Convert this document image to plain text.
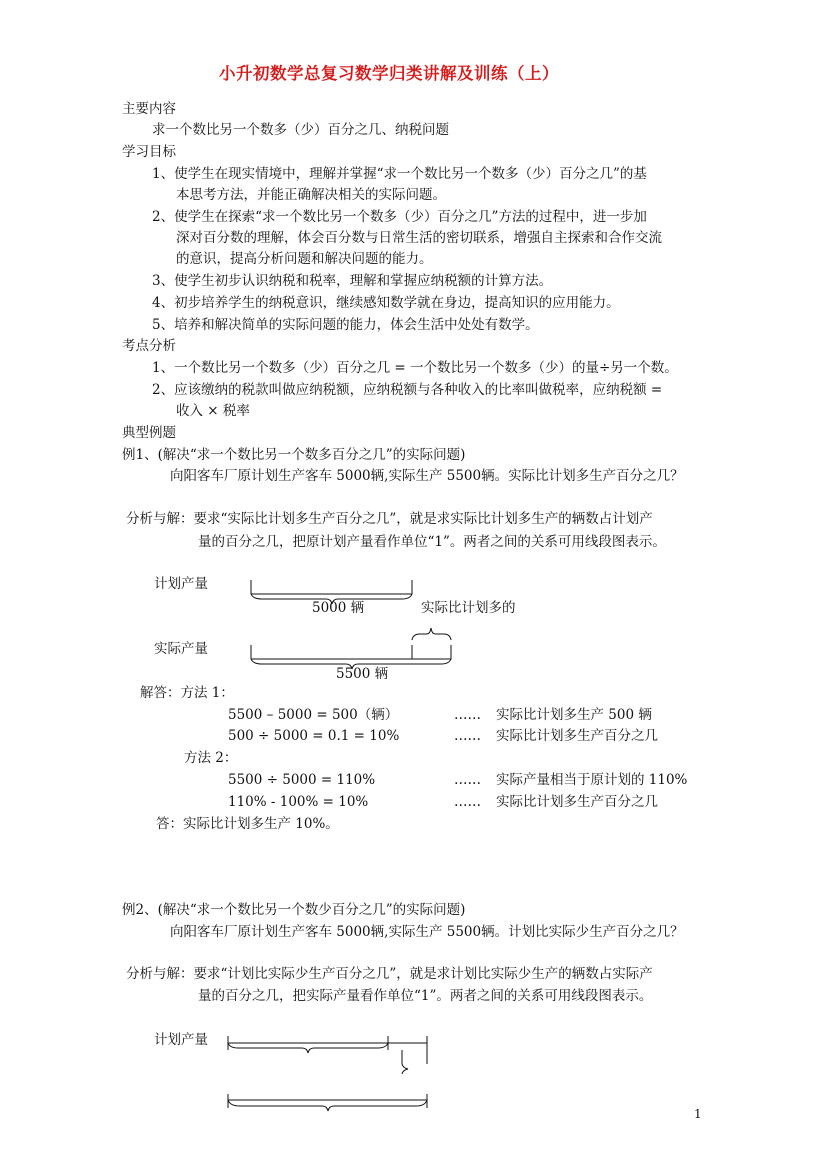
小升初数学总复习数学归类讲解及训练（上）
主要内容
求一个数比另一个数多（少）百分之几、纳税问题
学习目标
1、使学生在现实情境中，理解并掌握“求一个数比另一个数多（少）百分之几”的基
本思考方法，并能正确解决相关的实际问题。
2、使学生在探索“求一个数比另一个数多（少）百分之几”方法的过程中，进一步加
深对百分数的理解，体会百分数与日常生活的密切联系，增强自主探索和合作交流
的意识，提高分析问题和解决问题的能力。
3、使学生初步认识纳税和税率，理解和掌握应纳税额的计算方法。
4、初步培养学生的纳税意识，继续感知数学就在身边，提高知识的应用能力。
5、培养和解决简单的实际问题的能力，体会生活中处处有数学。
考点分析
1、一个数比另一个数多（少）百分之几 = 一个数比另一个数多（少）的量÷另一个数。
2、应该缴纳的税款叫做应纳税额，应纳税额与各种收入的比率叫做税率，应纳税额 =
收入 × 税率
典型例题
例1、(解决“求一个数比另一个数多百分之几”的实际问题)
向阳客车厂原计划生产客车 5000辆,实际生产 5500辆。实际比计划多生产百分之几？
分析与解：要求“实际比计划多生产百分之几”，就是求实际比计划多生产的辆数占计划产
量的百分之几，把原计划产量看作单位“1”。两者之间的关系可用线段图表示。
计划产量
实际产量
5000 辆	实际比计划多的
5500 辆
解答：方法 1：
5500 – 5000 = 500（辆）	…… 实际比计划多生产 500 辆
500 ÷ 5000 = 0.1 = 10%	…… 实际比计划多生产百分之几
方法 2：
5500 ÷ 5000 = 110%	…… 实际产量相当于原计划的 110%
110% - 100% = 10%	…… 实际比计划多生产百分之几
答：实际比计划多生产 10%。
例2、(解决“求一个数比另一个数少百分之几”的实际问题)
向阳客车厂原计划生产客车 5000辆,实际生产 5500辆。计划比实际少生产百分之几？
分析与解：要求“计划比实际少生产百分之几”，就是求计划比实际少生产的辆数占实际产
量的百分之几，把实际产量看作单位“1”。两者之间的关系可用线段图表示。
计划产量
1
